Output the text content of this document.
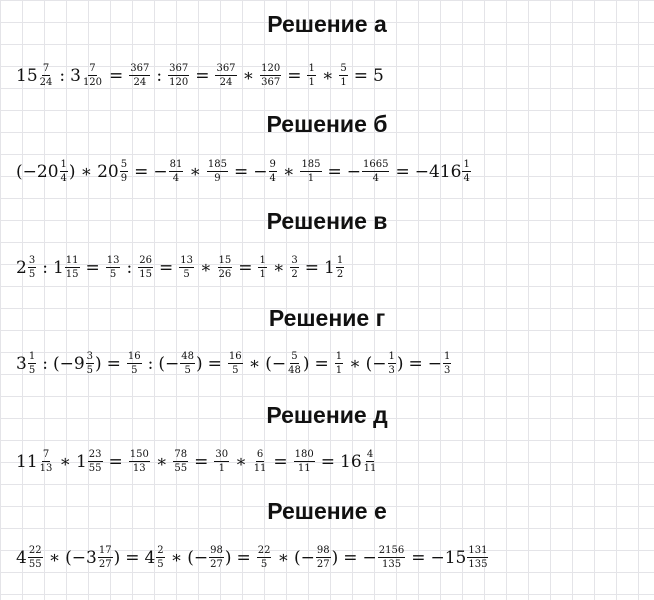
Решение а
$15 \frac{7}{24}$ : $3 \frac{7}{120} = \frac{367}{24}$ : $\frac{367}{120} = \frac{367}{24}$ ∗ $\frac{120}{367} = \frac{1}{1}$ ∗ $\frac{5}{1} = 5$
Решение б
($-20 \frac{1}{4}$ ) ∗ $20 \frac{5}{9}$ = − $\frac{81}{4}$ ∗ $\frac{185}{9}$ = − $\frac{9}{4}$ ∗ $\frac{185}{1}$ = − $\frac{1665}{4} = -416 \frac{1}{4}$
Решение в
$2 \frac{3}{5}$ : $1 \frac{11}{15} = \frac{13}{5}$ : $\frac{26}{15} = \frac{13}{5}$ ∗ $\frac{15}{26} = \frac{1}{1}$ ∗ $\frac{3}{2} = 1 \frac{1}{2}$
Решение г
$3 \frac{1}{5}$ : ($-9 \frac{3}{5}$ ) = $\frac{16}{5}$ : (− $\frac{48}{5}$ ) = $\frac{16}{5}$ ∗ (− $\frac{5}{48}$ ) = $\frac{1}{1}$ ∗ (− $\frac{1}{3}$ ) = − $\frac{1}{3}$
Решение д
$11 \frac{7}{13}$ ∗ $1 \frac{23}{55} = \frac{150}{13}$ ∗ $\frac{78}{55} = \frac{30}{1}$ ∗ $\frac{6}{11} = \frac{180}{11} = 16 \frac{4}{11}$
Решение е
$4 \frac{22}{55}$ ∗ ($-3 \frac{17}{27}$ ) = $4 \frac{2}{5}$ ∗ (− $\frac{98}{27}$ ) = $\frac{22}{5}$ ∗ (− $\frac{98}{27}$ ) = − $\frac{2156}{135} = -15 \frac{131}{135}$
